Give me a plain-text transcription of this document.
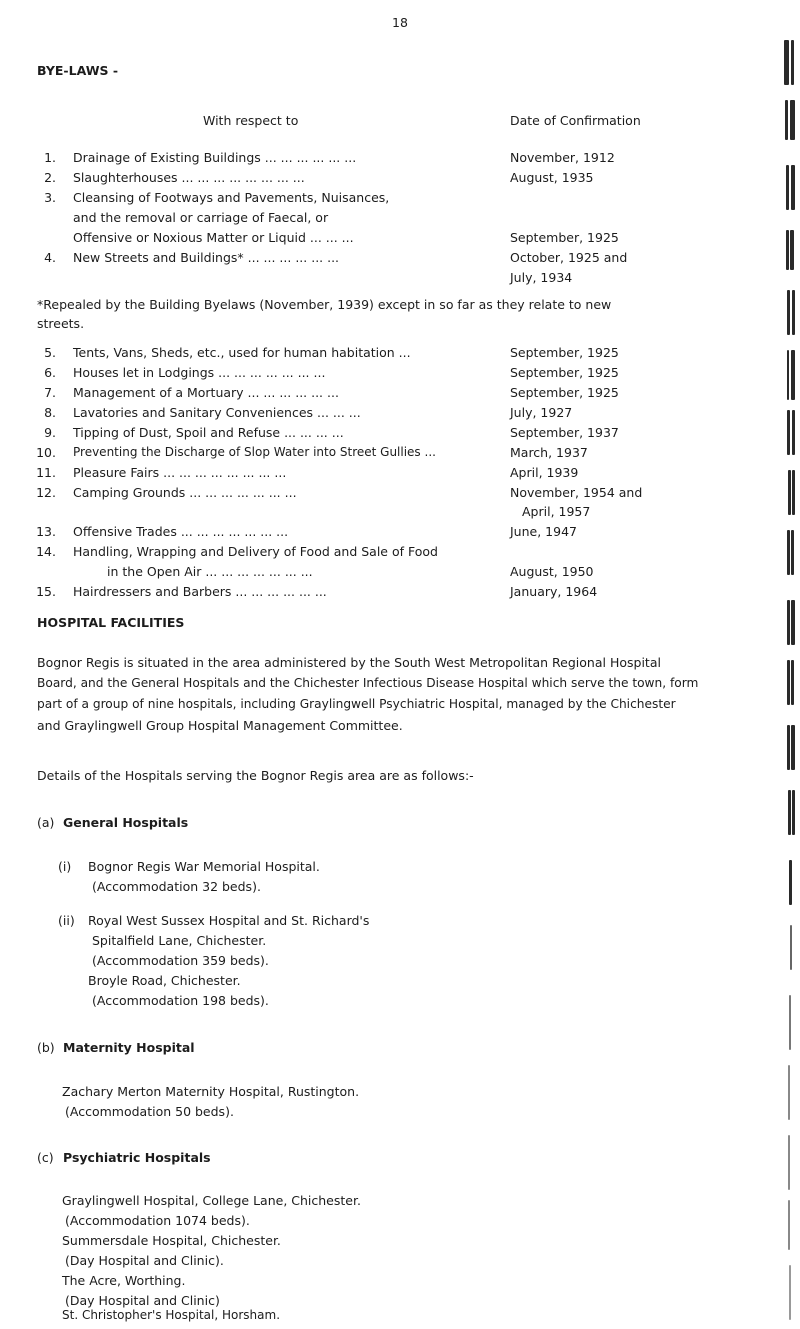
18
BYE-LAWS -
With respect to	Date of Confirmation
1. Drainage of Existing Buildings ... ... ... ... ... ...	November, 1912
2. Slaughterhouses ... ... ... ... ... ... ... ...	August, 1935
3. Cleansing of Footways and Pavements, Nuisances,
and the removal or carriage of Faecal, or
Offensive or Noxious Matter or Liquid ... ... ...	September, 1925
4. New Streets and Buildings* ... ... ... ... ... ...	October, 1925 and
July, 1934
*Repealed by the Building Byelaws (November, 1939) except in so far as they relate to new
streets.
5. Tents, Vans, Sheds, etc., used for human habitation ...	September, 1925
6. Houses let in Lodgings ... ... ... ... ... ... ...	September, 1925
7. Management of a Mortuary ... ... ... ... ... ...	September, 1925
8. Lavatories and Sanitary Conveniences ... ... ...	July, 1927
9. Tipping of Dust, Spoil and Refuse ... ... ... ...	September, 1937
10. Preventing the Discharge of Slop Water into Street Gullies ...	March, 1937
11. Pleasure Fairs ... ... ... ... ... ... ... ...	April, 1939
12. Camping Grounds ... ... ... ... ... ... ...	November, 1954 and
April, 1957
13. Offensive Trades ... ... ... ... ... ... ...	June, 1947
14. Handling, Wrapping and Delivery of Food and Sale of Food
in the Open Air ... ... ... ... ... ... ...	August, 1950
15. Hairdressers and Barbers ... ... ... ... ... ...	January, 1964
HOSPITAL FACILITIES
Bognor Regis is situated in the area administered by the South West Metropolitan Regional Hospital
Board, and the General Hospitals and the Chichester Infectious Disease Hospital which serve the town, form
part of a group of nine hospitals, including Graylingwell Psychiatric Hospital, managed by the Chichester
and Graylingwell Group Hospital Management Committee.
Details of the Hospitals serving the Bognor Regis area are as follows:-
(a) General Hospitals
(i) Bognor Regis War Memorial Hospital.
(Accommodation 32 beds).
(ii) Royal West Sussex Hospital and St. Richard's
Spitalfield Lane, Chichester.
(Accommodation 359 beds).
Broyle Road, Chichester.
(Accommodation 198 beds).
(b) Maternity Hospital
Zachary Merton Maternity Hospital, Rustington.
(Accommodation 50 beds).
(c) Psychiatric Hospitals
Graylingwell Hospital, College Lane, Chichester.
(Accommodation 1074 beds).
Summersdale Hospital, Chichester.
(Day Hospital and Clinic).
The Acre, Worthing.
(Day Hospital and Clinic)
St. Christopher's Hospital, Horsham.
